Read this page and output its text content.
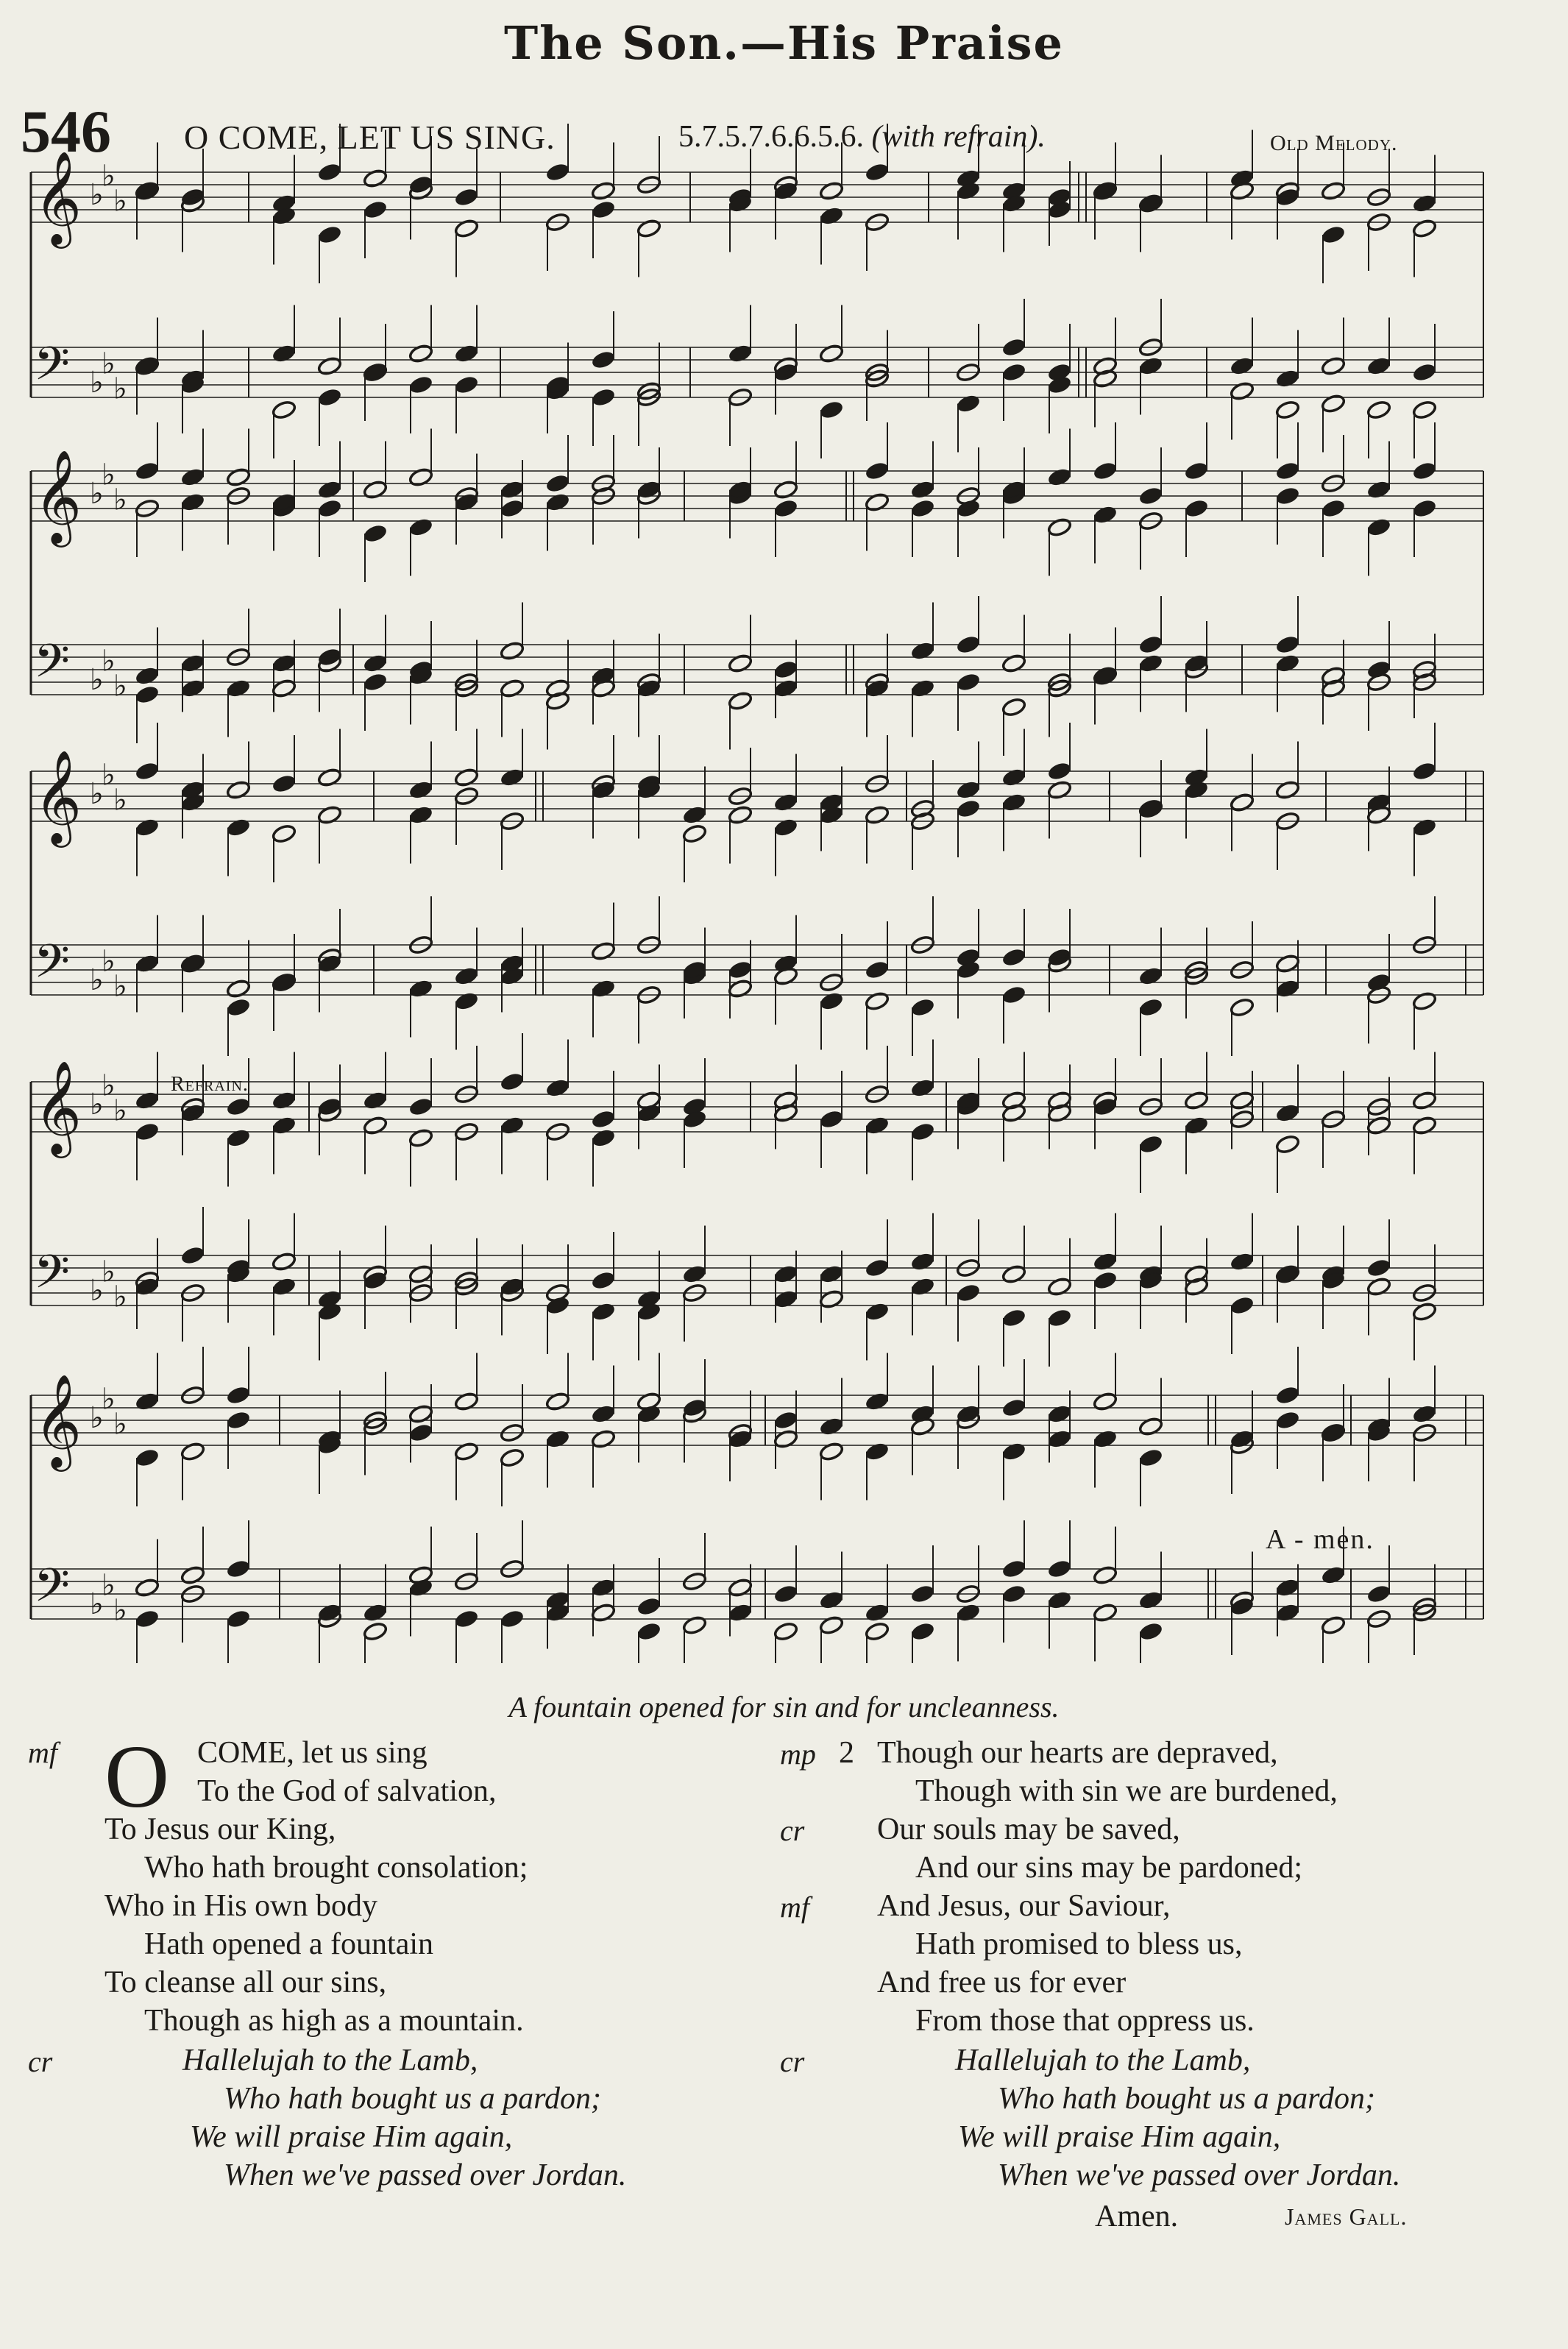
The Son.—His Praise
546 O COME, LET US SING.	5.7.5.7.6.6.5.6. (with refrain).	Old Melody.
𝄞 ♭
♭
♭
𝄢 ♭
♭
♭
𝄞 ♭
♭
♭
𝄢 ♭
♭
♭
𝄞 ♭
♭
♭
𝄢 ♭
♭
♭
𝄞 ♭
♭
♭
𝄢 ♭
♭
♭
𝄞 ♭
♭
♭
𝄢 ♭
♭
♭
Refrain.
A - men.
A fountain opened for sin and for uncleanness.
mf O COME, let us sing
To the God of salvation,
To Jesus our King,
Who hath brought consolation;
Who in His own body
Hath opened a fountain
To cleanse all our sins,
Though as high as a mountain.
cr	Hallelujah to the Lamb,
Who hath bought us a pardon;
We will praise Him again,
When we've passed over Jordan.
mp 2 Though our hearts are depraved,
Though with sin we are burdened,
cr Our souls may be saved,
And our sins may be pardoned;
mf And Jesus, our Saviour,
Hath promised to bless us,
And free us for ever
From those that oppress us.
cr	Hallelujah to the Lamb,
Who hath bought us a pardon;
We will praise Him again,
When we've passed over Jordan.
Amen.	James Gall.
